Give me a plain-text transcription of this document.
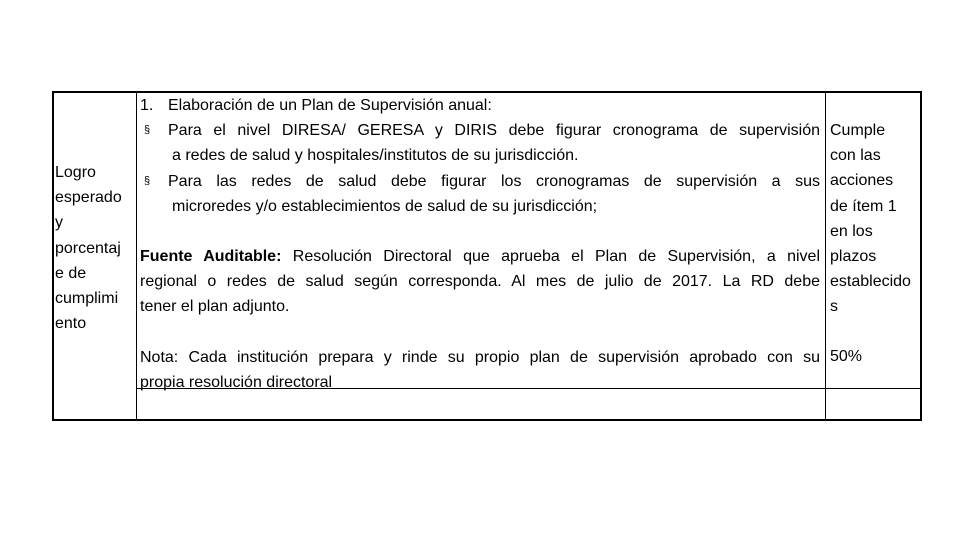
Logro
esperado
y
porcentaj
e de
cumplimi
ento
1. Elaboración de un Plan de Supervisión anual:
§ Para el nivel DIRESA/ GERESA y DIRIS debe figurar cronograma de supervisión
a redes de salud y hospitales/institutos de su jurisdicción.
§ Para las redes de salud debe figurar los cronogramas de supervisión a sus
microredes y/o establecimientos de salud de su jurisdicción;
Fuente Auditable: Resolución Directoral que aprueba el Plan de Supervisión, a nivel
regional o redes de salud según corresponda. Al mes de julio de 2017. La RD debe
tener el plan adjunto.
Nota: Cada institución prepara y rinde su propio plan de supervisión aprobado con su
propia resolución directoral
Cumple
con las
acciones
de ítem 1
en los
plazos
establecido
s
50%
